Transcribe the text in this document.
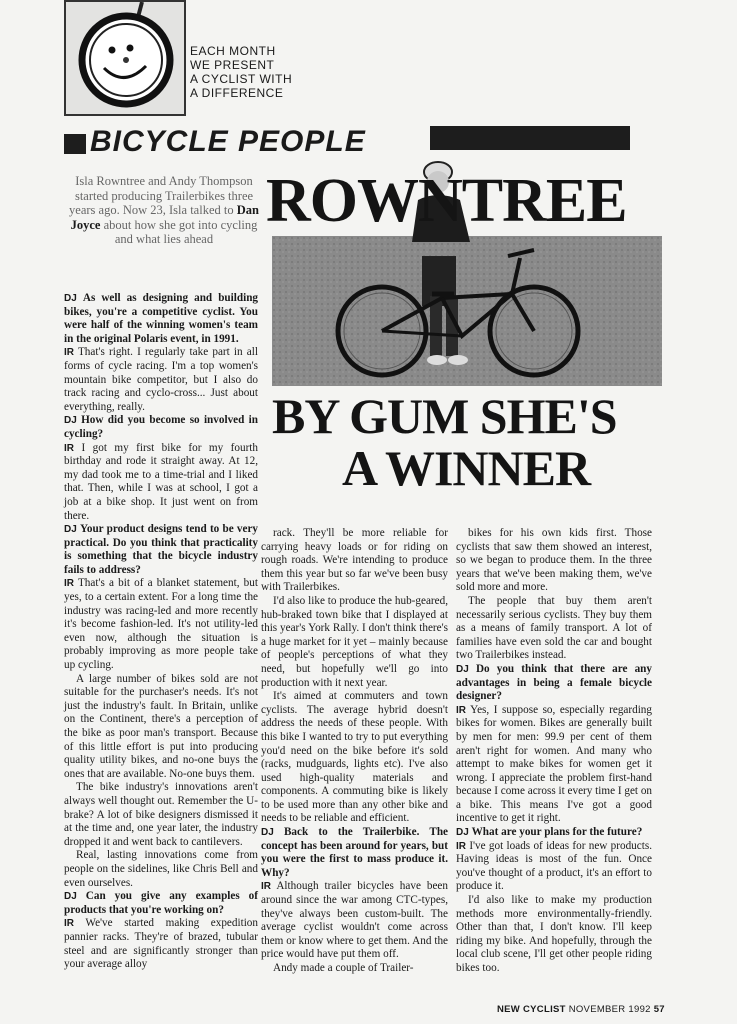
EACH MONTH
WE PRESENT
A CYCLIST WITH
A DIFFERENCE
BICYCLE PEOPLE
Isla Rowntree and Andy Thompson started producing Trailerbikes three years ago. Now 23, Isla talked to Dan Joyce about how she got into cycling and what lies ahead
ROWNTREE
BY GUM SHE'S
A WINNER

DJ As well as designing and building bikes, you're a competitive cyclist. You were half of the winning women's team in the original Polaris event, in 1991.

IR That's right. I regularly take part in all forms of cycle racing. I'm a top women's mountain bike competitor, but I also do track racing and cyclo-cross... Just about everything, really.

DJ How did you become so involved in cycling?

IR I got my first bike for my fourth birthday and rode it straight away. At 12, my dad took me to a time-trial and I liked that. Then, while I was at school, I got a job at a bike shop. It just went on from there.

DJ Your product designs tend to be very practical. Do you think that practicality is something that the bicycle industry fails to address?

IR That's a bit of a blanket statement, but yes, to a certain extent. For a long time the industry was racing-led and more recently it's become fashion-led. It's not utility-led even now, although the situation is probably improving as more people take up cycling.

A large number of bikes sold are not suitable for the purchaser's needs. It's not just the industry's fault. In Britain, unlike on the Continent, there's a perception of the bike as poor man's transport. Because of this little effort is put into producing quality utility bikes, and no-one buys the ones that are available. No-one buys them.

The bike industry's innovations aren't always well thought out. Remember the U-brake? A lot of bike designers dismissed it at the time and, one year later, the industry dropped it and went back to cantilevers.

Real, lasting innovations come from people on the sidelines, like Chris Bell and even ourselves.

DJ Can you give any examples of products that you're working on?

IR We've started making expedition pannier racks. They're of brazed, tubular steel and are significantly stronger than your average alloy

rack. They'll be more reliable for carrying heavy loads or for riding on rough roads. We're intending to produce them this year but so far we've been busy with Trailerbikes.

I'd also like to produce the hub-geared, hub-braked town bike that I displayed at this year's York Rally. I don't think there's a huge market for it yet – mainly because of people's perceptions of what they need, but hopefully we'll go into production with it next year.

It's aimed at commuters and town cyclists. The average hybrid doesn't address the needs of these people. With this bike I wanted to try to put everything you'd need on the bike before it's sold (racks, mudguards, lights etc). I've also used high-quality materials and components. A commuting bike is likely to be used more than any other bike and needs to be reliable and efficient.

DJ Back to the Trailerbike. The concept has been around for years, but you were the first to mass produce it. Why?

IR Although trailer bicycles have been around since the war among CTC-types, they've always been custom-built. The average cyclist wouldn't come across them or know where to get them. And the price would have put them off.

Andy made a couple of Trailer-

bikes for his own kids first. Those cyclists that saw them showed an interest, so we began to produce them. In the three years that we've been making them, we've sold more and more.

The people that buy them aren't necessarily serious cyclists. They buy them as a means of family transport. A lot of families have even sold the car and bought two Trailerbikes instead.

DJ Do you think that there are any advantages in being a female bicycle designer?

IR Yes, I suppose so, especially regarding bikes for women. Bikes are generally built by men for men: 99.9 per cent of them aren't right for women. And many who attempt to make bikes for women get it wrong. I appreciate the problem first-hand because I come across it every time I get on a bike. This means I've got a good incentive to get it right.

DJ What are your plans for the future?

IR I've got loads of ideas for new products. Having ideas is most of the fun. Once you've thought of a product, it's an effort to produce it.

I'd also like to make my production methods more environmentally-friendly. Other than that, I don't know. I'll keep riding my bike. And hopefully, through the local club scene, I'll get other people riding bikes too.

NEW CYCLIST NOVEMBER 1992 57
